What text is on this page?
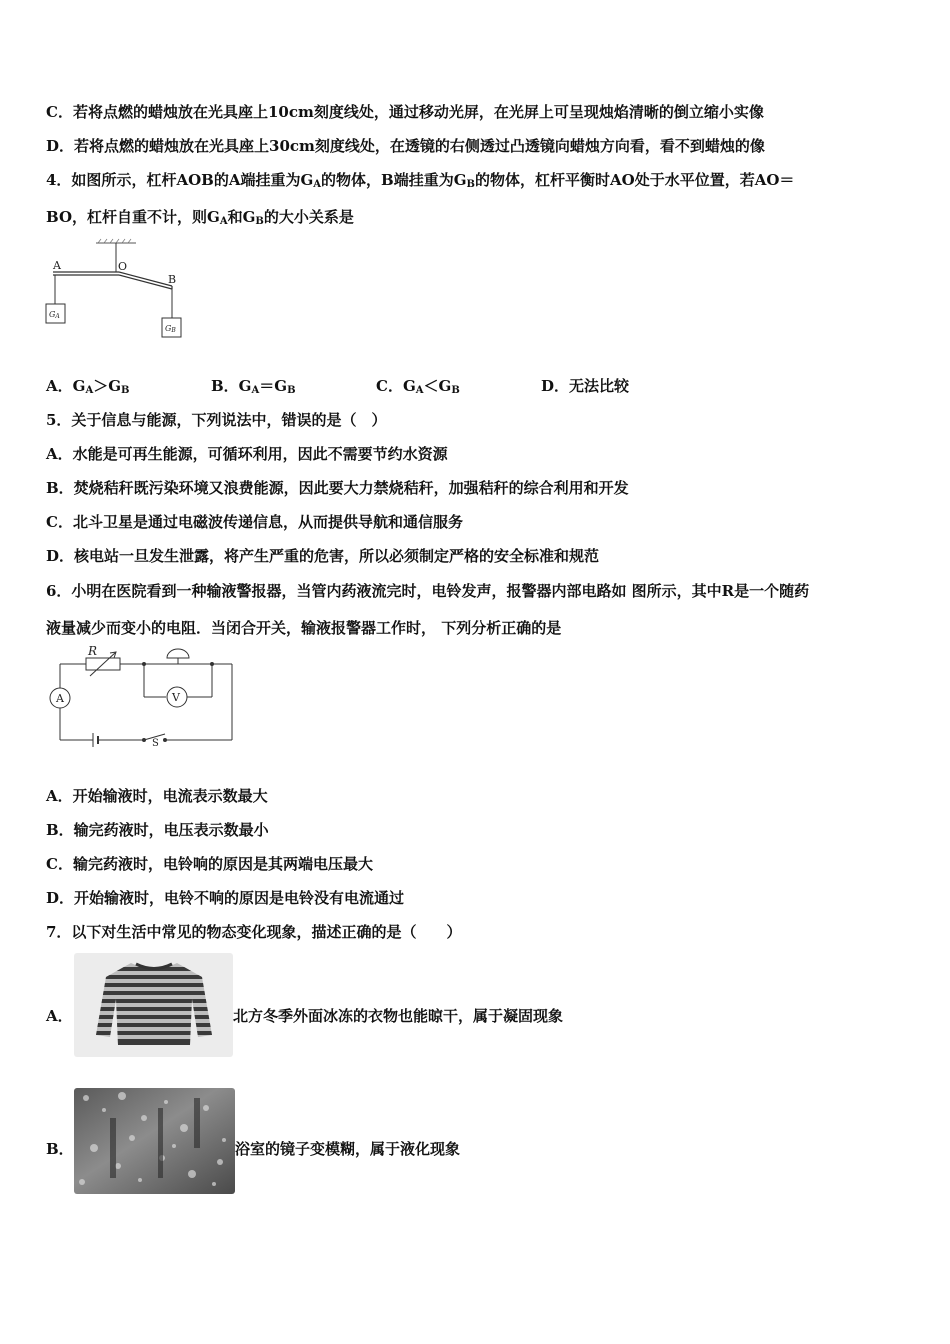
C．若将点燃的蜡烛放在光具座上10cm刻度线处，通过移动光屏，在光屏上可呈现烛焰清晰的倒立缩小实像
D．若将点燃的蜡烛放在光具座上30cm刻度线处，在透镜的右侧透过凸透镜向蜡烛方向看，看不到蜡烛的像
4．如图所示，杠杆AOB的A端挂重为$G_A$的物体，B端挂重为$G_B$的物体，杠杆平衡时AO处于水平位置，若AO＝
BO，杠杆自重不计，则$G_A$和$G_B$的大小关系是
A	O
B
GA
GB
A．$G_A>G_B$	B．$G_A=G_B$	C．$G_A<G_B$	D．无法比较
5．关于信息与能源，下列说法中，错误的是（　）
A．水能是可再生能源，可循环利用，因此不需要节约水资源
B．焚烧秸秆既污染环境又浪费能源，因此要大力禁烧秸秆，加强秸秆的综合利用和开发
C．北斗卫星是通过电磁波传递信息，从而提供导航和通信服务
D．核电站一旦发生泄露，将产生严重的危害，所以必须制定严格的安全标准和规范
6．小明在医院看到一种输液警报器，当管内药液流完时，电铃发声，报警器内部电路如 图所示，其中R是一个随药
液量减少而变小的电阻．当闭合开关，输液报警器工作时， 下列分析正确的是
R
A	V
S
A．开始输液时，电流表示数最大
B．输完药液时，电压表示数最小
C．输完药液时，电铃响的原因是其两端电压最大
D．开始输液时，电铃不响的原因是电铃没有电流通过
7．以下对生活中常见的物态变化现象，描述正确的是（　　）
A．	北方冬季外面冰冻的衣物也能晾干，属于凝固现象
B．	浴室的镜子变模糊，属于液化现象
